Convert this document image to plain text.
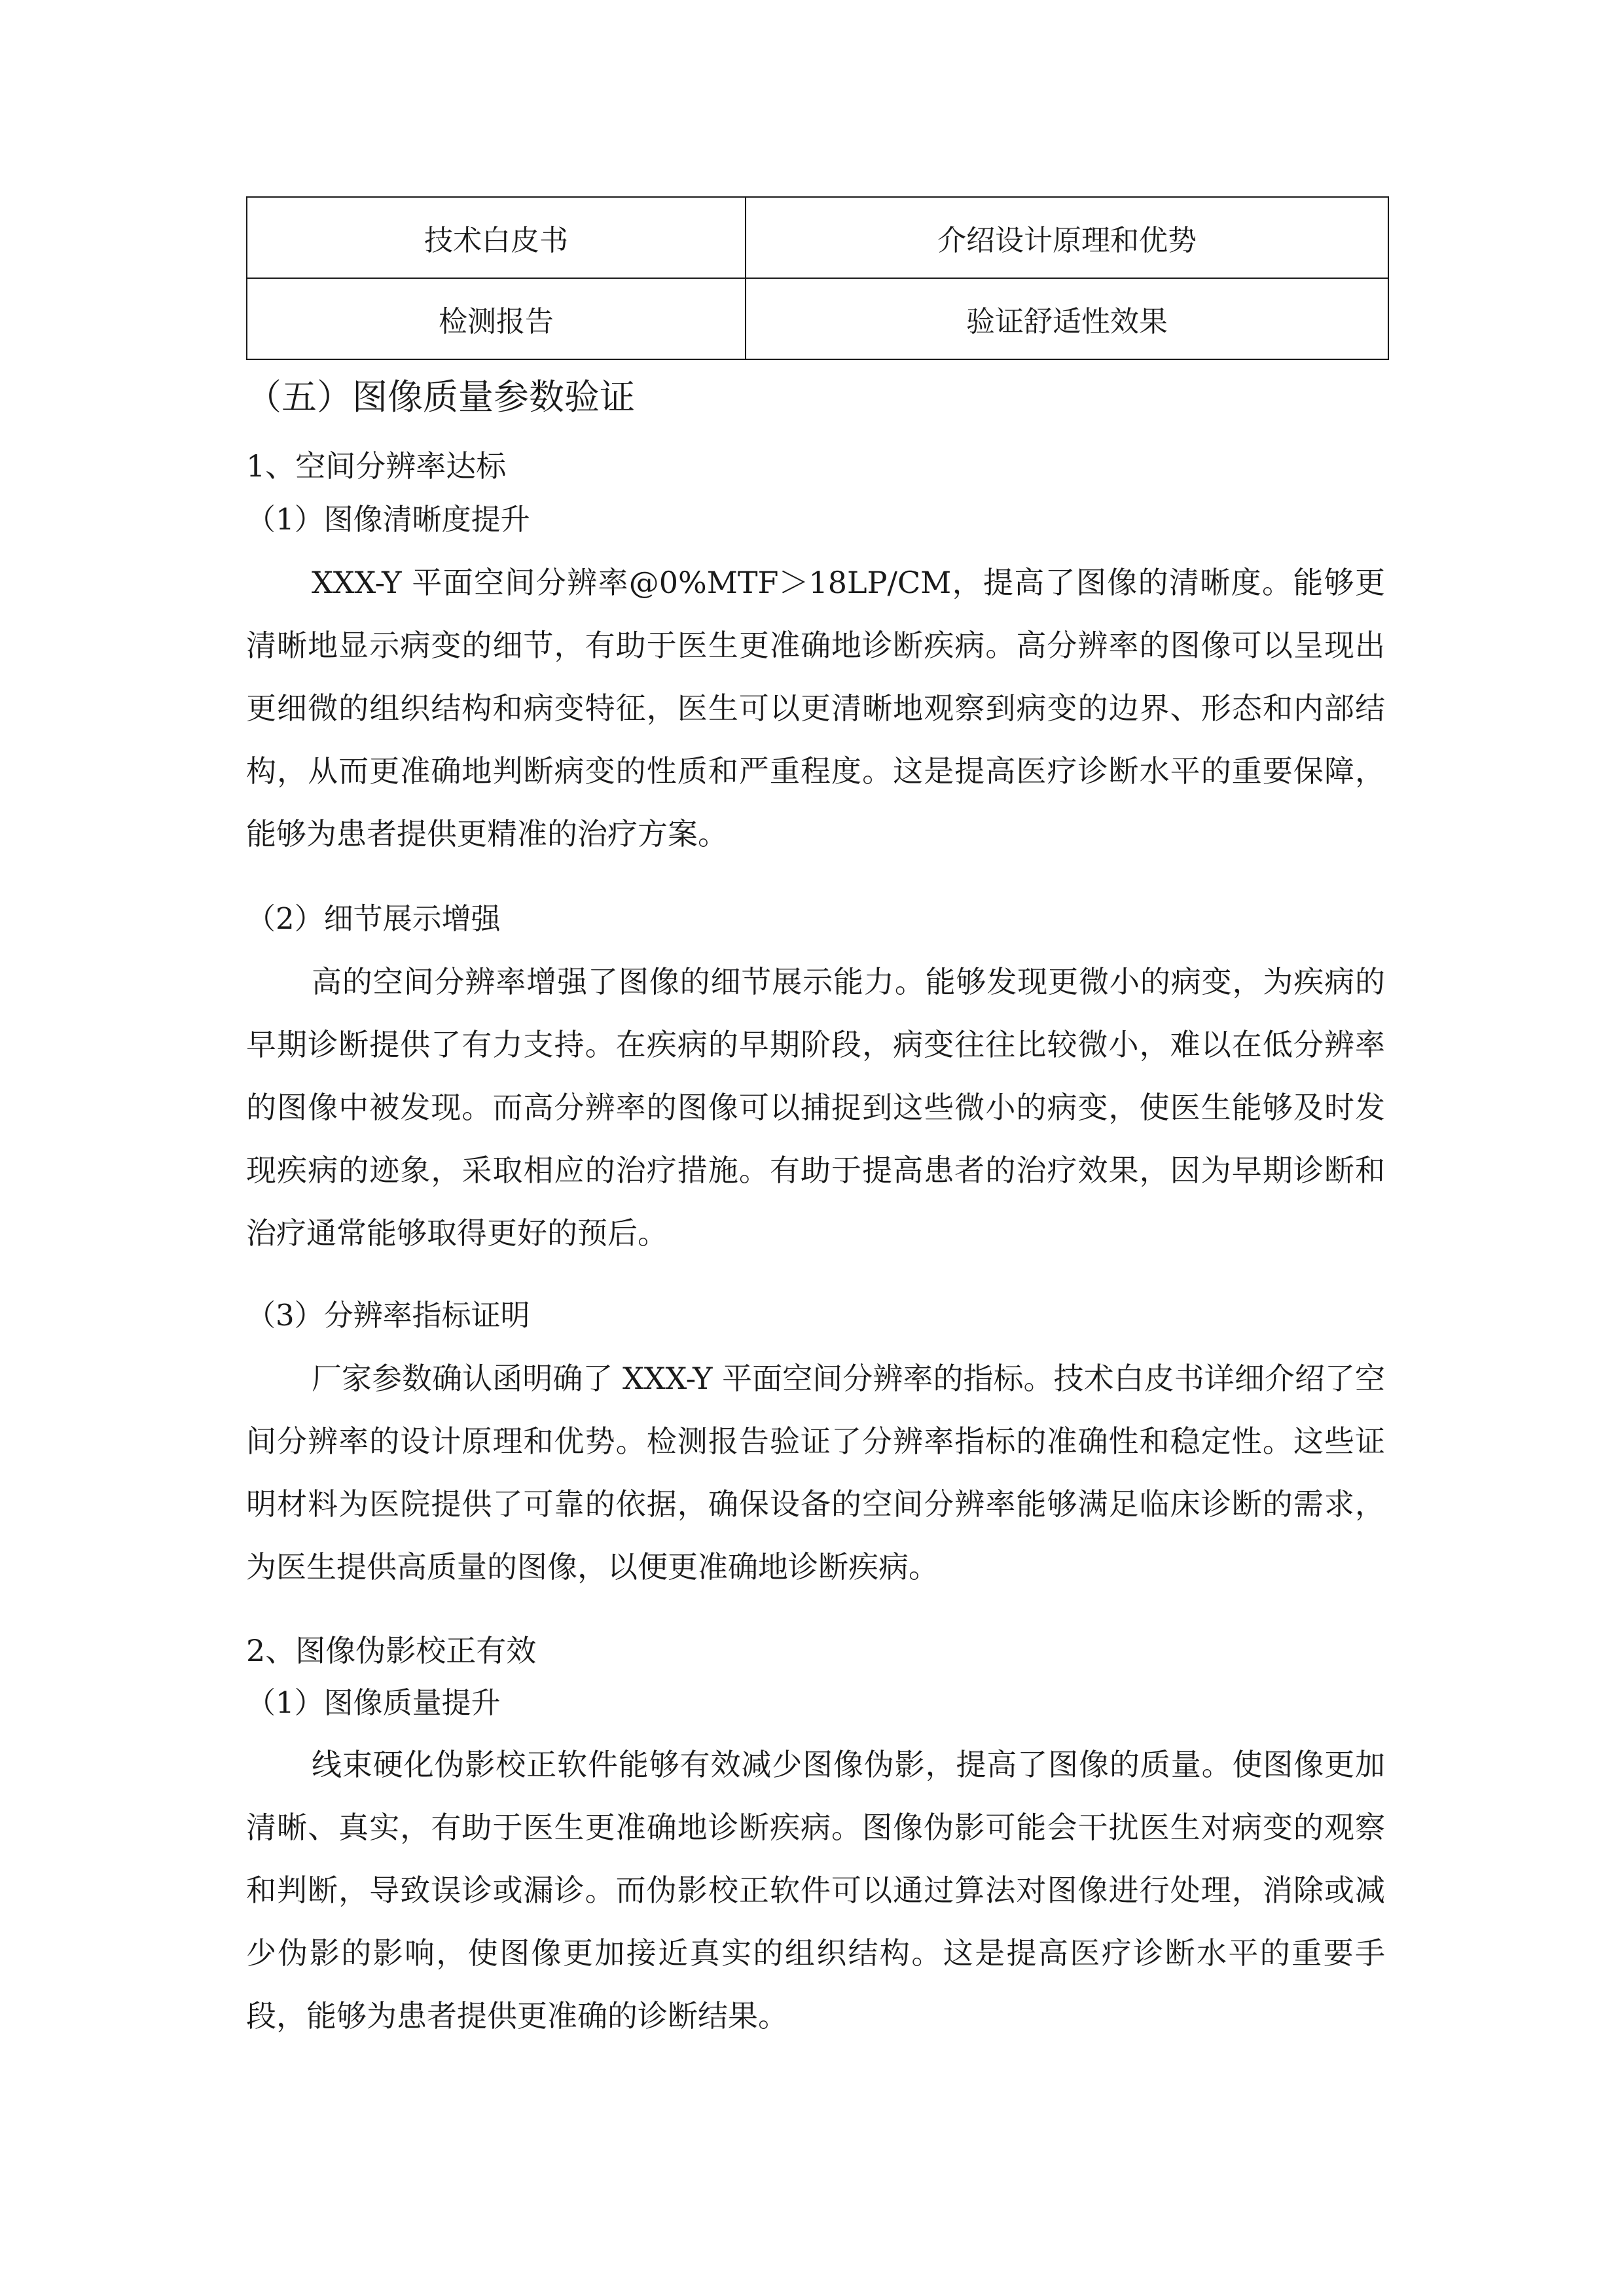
技术白皮书	介绍设计原理和优势
检测报告	验证舒适性效果
（五）图像质量参数验证
1、空间分辨率达标
（1）图像清晰度提升

XXX-Y 平面空间分辨率@0%MTF＞18LP/CM，提高了图像的清晰度。能够更清晰地显示病变的细节，有助于医生更准确地诊断疾病。高分辨率的图像可以呈现出更细微的组织结构和病变特征，医生可以更清晰地观察到病变的边界、形态和内部结构，从而更准确地判断病变的性质和严重程度。这是提高医疗诊断水平的重要保障，能够为患者提供更精准的治疗方案。

（2）细节展示增强

高的空间分辨率增强了图像的细节展示能力。能够发现更微小的病变，为疾病的早期诊断提供了有力支持。在疾病的早期阶段，病变往往比较微小，难以在低分辨率的图像中被发现。而高分辨率的图像可以捕捉到这些微小的病变，使医生能够及时发现疾病的迹象，采取相应的治疗措施。有助于提高患者的治疗效果，因为早期诊断和治疗通常能够取得更好的预后。

（3）分辨率指标证明

厂家参数确认函明确了 XXX-Y 平面空间分辨率的指标。技术白皮书详细介绍了空间分辨率的设计原理和优势。检测报告验证了分辨率指标的准确性和稳定性。这些证明材料为医院提供了可靠的依据，确保设备的空间分辨率能够满足临床诊断的需求，为医生提供高质量的图像，以便更准确地诊断疾病。

2、图像伪影校正有效
（1）图像质量提升

线束硬化伪影校正软件能够有效减少图像伪影，提高了图像的质量。使图像更加清晰、真实，有助于医生更准确地诊断疾病。图像伪影可能会干扰医生对病变的观察和判断，导致误诊或漏诊。而伪影校正软件可以通过算法对图像进行处理，消除或减少伪影的影响，使图像更加接近真实的组织结构。这是提高医疗诊断水平的重要手段，能够为患者提供更准确的诊断结果。
